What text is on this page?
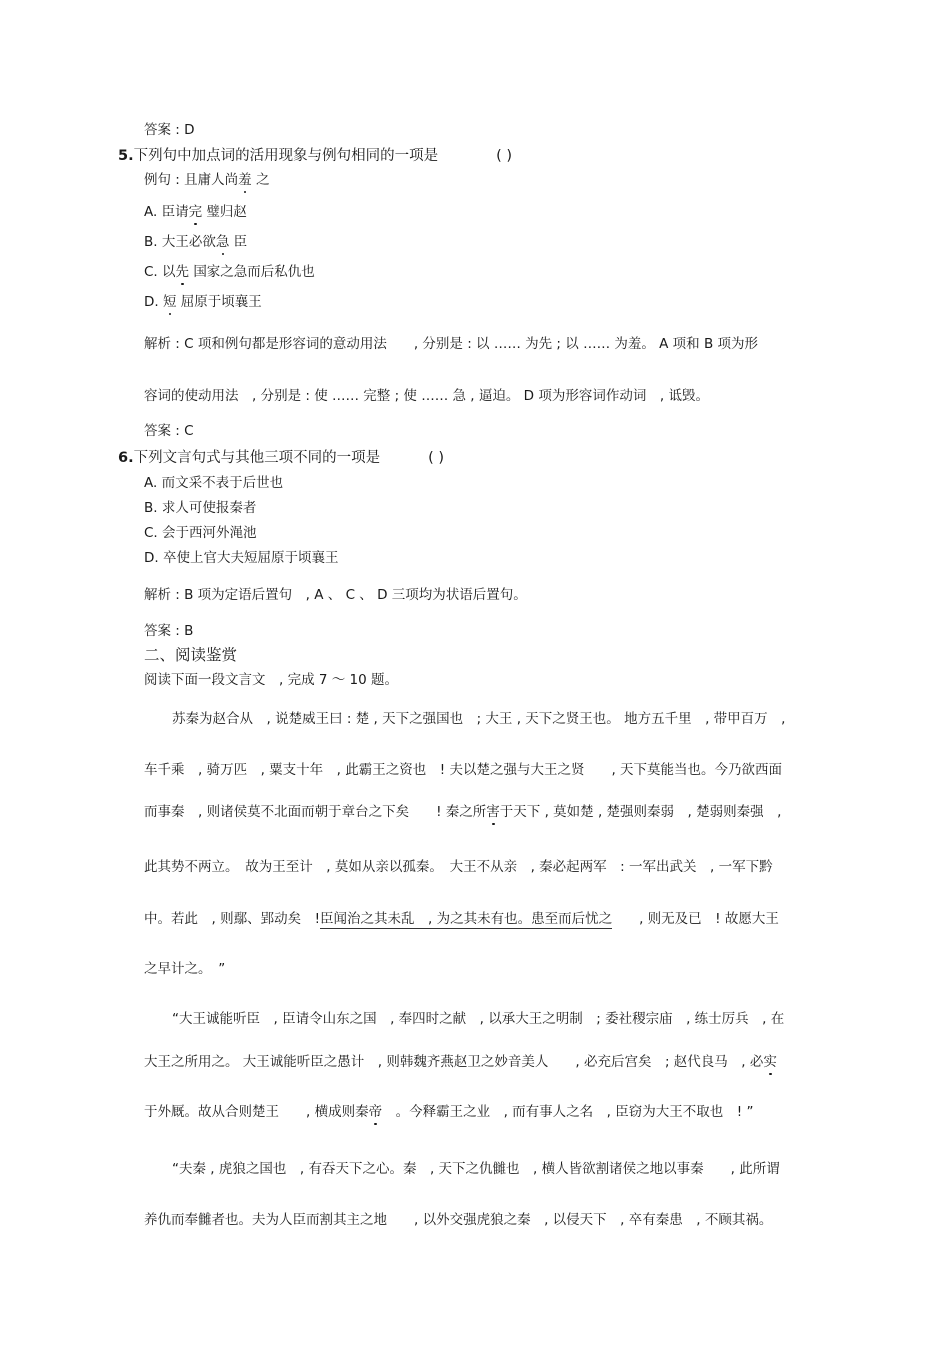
答案 : D
5.下列句中加点词的活用现象与例句相同的一项是	( )
例句 : 且庸人尚羞 之
A. 臣请完 璧归赵
B. 大王必欲急 臣
C. 以先 国家之急而后私仇也
D. 短 屈原于顷襄王
解析 : C 项和例句都是形容词的意动用法　　, 分别是 : 以 …… 为先 ; 以 …… 为羞。 A 项和 B 项为形
容词的使动用法　, 分别是 : 使 …… 完整 ; 使 …… 急 , 逼迫。 D 项为形容词作动词　, 诋毁。
答案 : C
6.下列文言句式与其他三项不同的一项是	( )
A. 而文采不表于后世也
B. 求人可使报秦者
C. 会于西河外渑池
D. 卒使上官大夫短屈原于顷襄王
解析 : B 项为定语后置句　, A 、 C 、 D 三项均为状语后置句。
答案 : B
二、阅读鉴赏
阅读下面一段文言文　, 完成 7 ～ 10 题。
苏秦为赵合从　, 说楚威王曰 : 楚 , 天下之强国也　; 大王 , 天下之贤王也。 地方五千里　, 带甲百万　,
车千乘　, 骑万匹　, 粟支十年　, 此霸王之资也　! 夫以楚之强与大王之贤　　, 天下莫能当也。今乃欲西面
而事秦　, 则诸侯莫不北面而朝于章台之下矣　　! 秦之所害于天下 , 莫如楚 , 楚强则秦弱　, 楚弱则秦强　,
此其势不两立。　故为王至计　, 莫如从亲以孤秦。　大王不从亲　, 秦必起两军　: 一军出武关　, 一军下黔
中。若此　, 则鄢、郢动矣　!臣闻治之其未乱　, 为之其未有也。患至而后忧之　　, 则无及已　! 故愿大王
之早计之。　”
“大王诚能听臣　, 臣请令山东之国　, 奉四时之献　, 以承大王之明制　; 委社稷宗庙　, 练士厉兵　, 在
大王之所用之。 大王诚能听臣之愚计　, 则韩魏齐燕赵卫之妙音美人　　, 必充后宫矣　; 赵代良马　, 必实
于外厩。故从合则楚王　　, 横成则秦帝　。今释霸王之业　, 而有事人之名　, 臣窃为大王不取也　! ”
“夫秦 , 虎狼之国也　, 有吞天下之心。秦　, 天下之仇雠也　, 横人皆欲割诸侯之地以事秦　　, 此所谓
养仇而奉雠者也。夫为人臣而割其主之地　　, 以外交强虎狼之秦　, 以侵天下　, 卒有秦患　, 不顾其祸。
